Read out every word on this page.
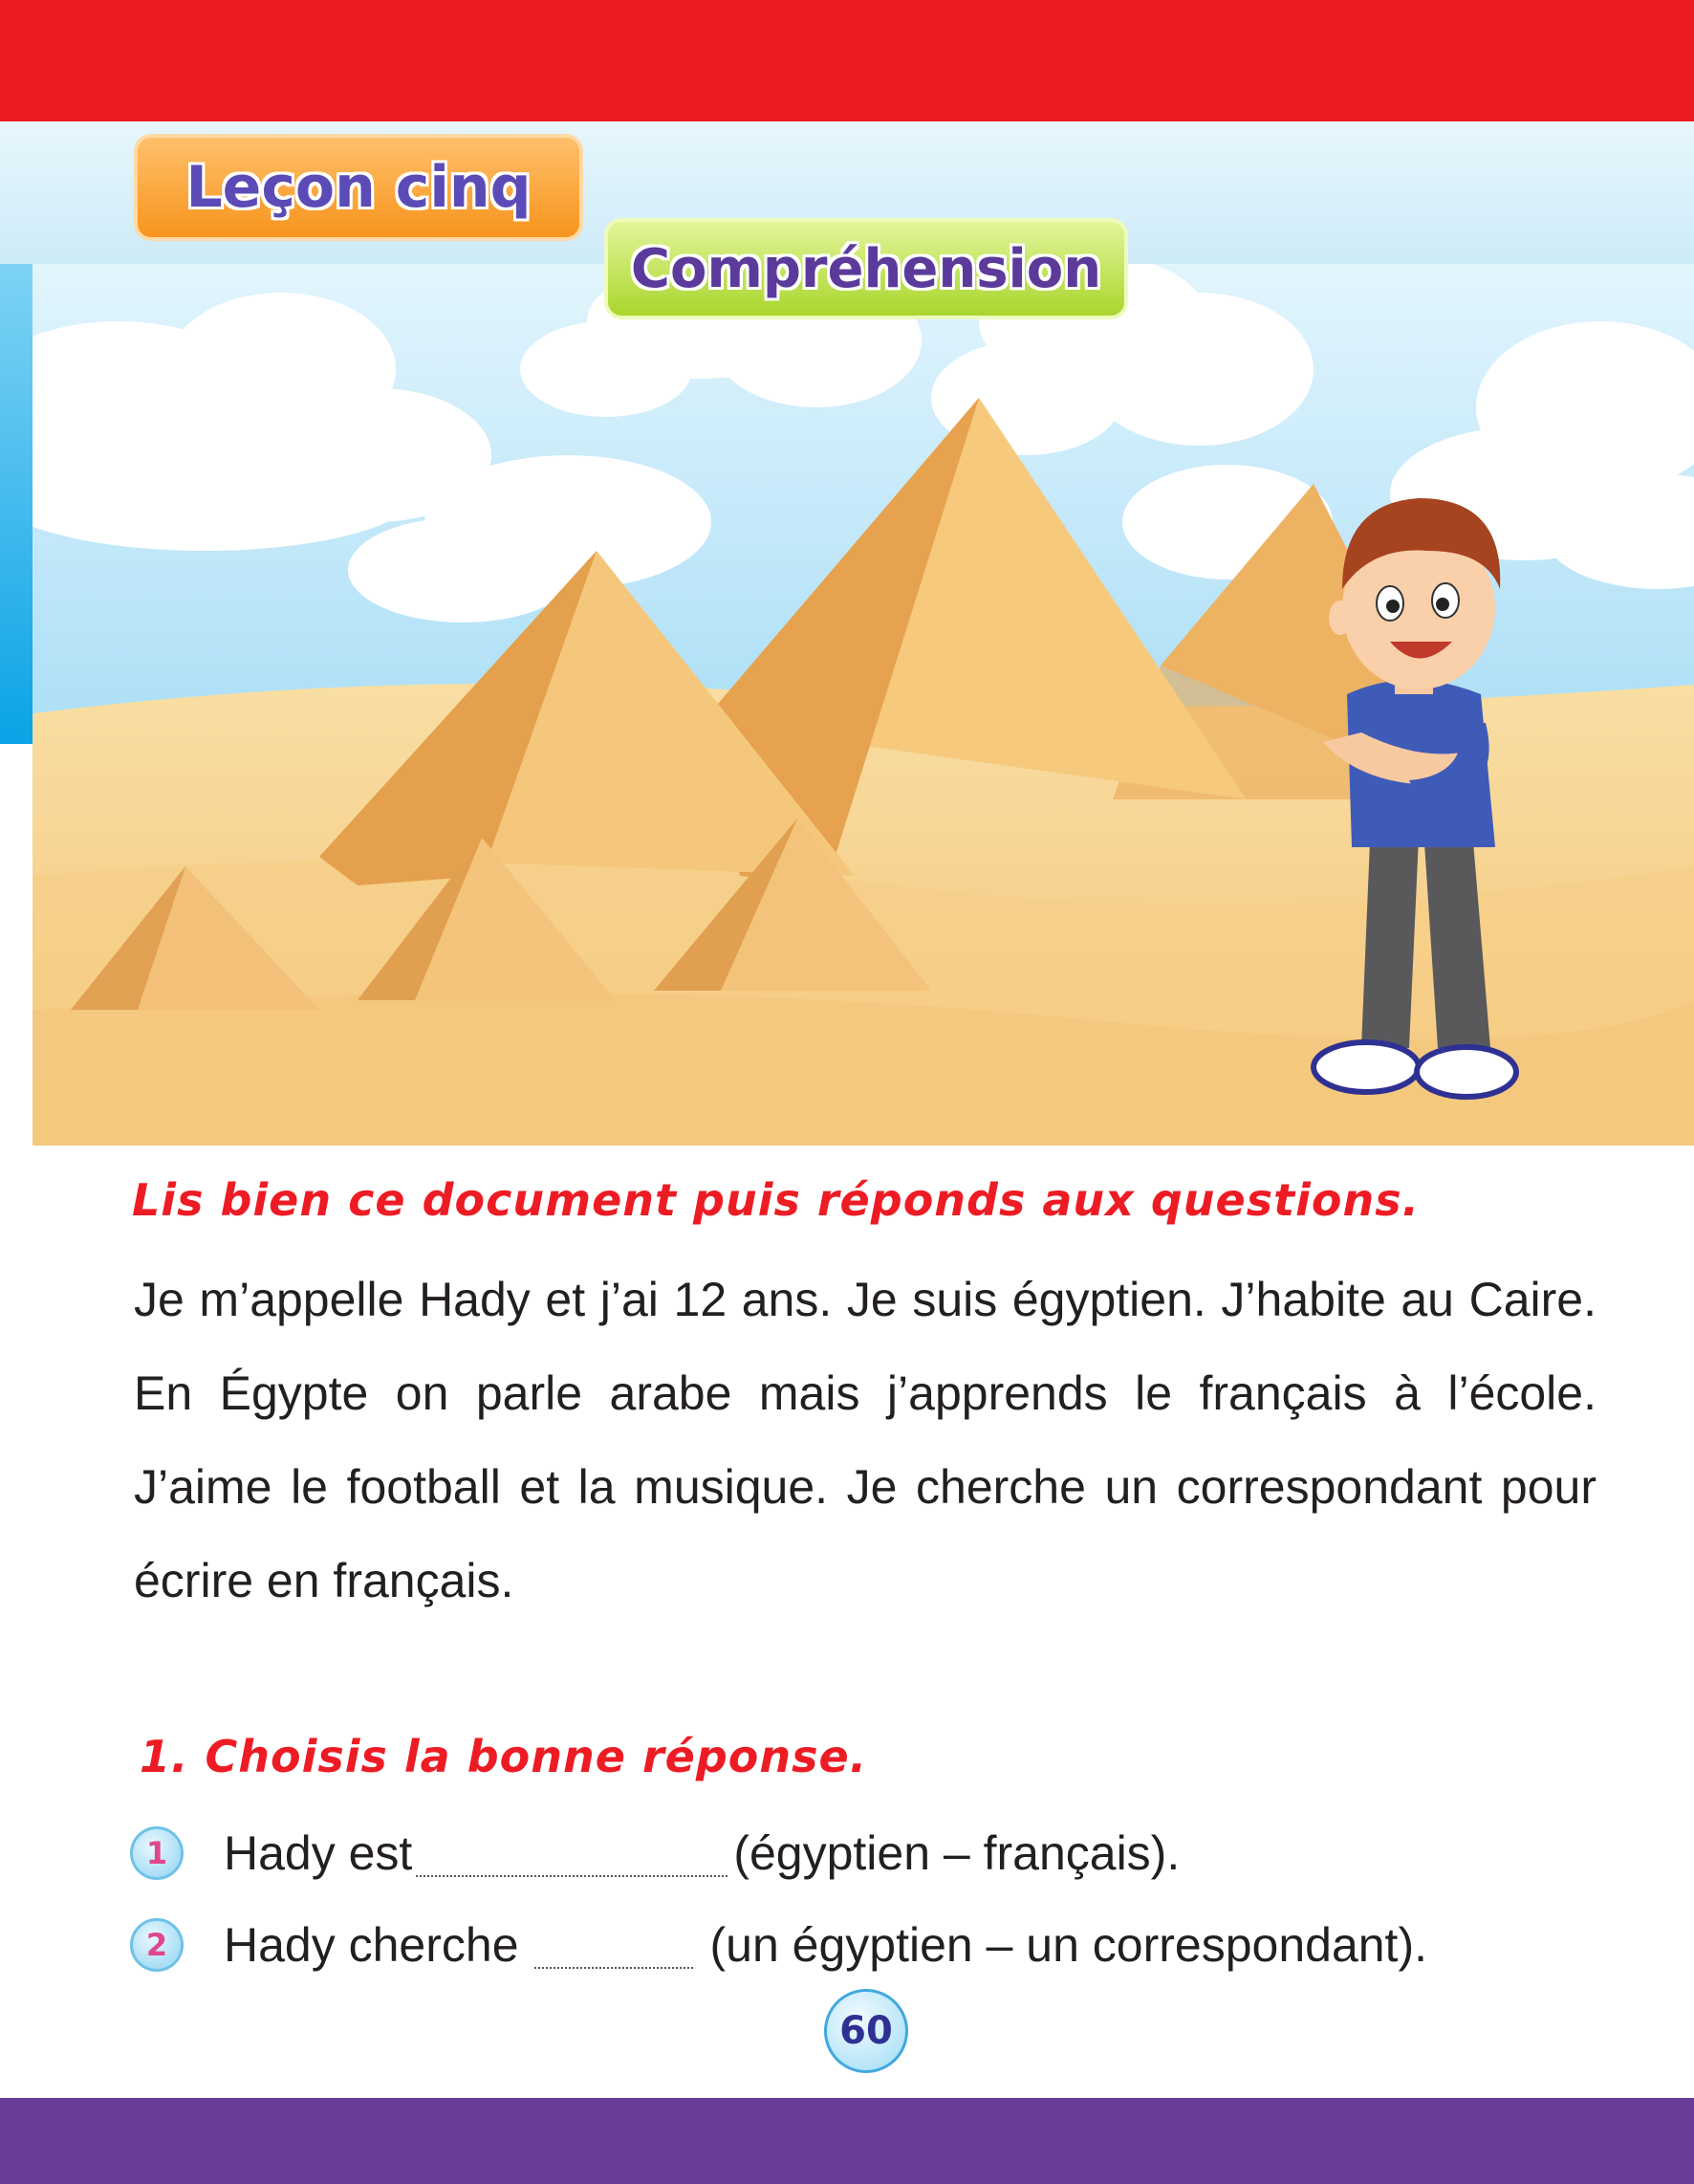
Leçon cinq
Compréhension
Lis bien ce document puis réponds aux questions.

Je m’appelle Hady et j’ai 12 ans. Je suis égyptien. J’habite au Caire. En Égypte on parle arabe mais j’apprends le français à l’école. J’aime le football et la musique. Je cherche un correspondant pour écrire en français.

1. Choisis la bonne réponse.
1	Hady est	(égyptien – français).
2	Hady cherche	(un égyptien – un correspondant).
60
